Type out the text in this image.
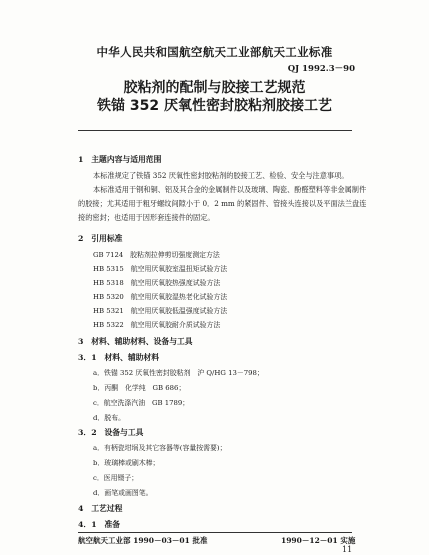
中华人民共和国航空航天工业部航天工业标准
QJ 1992.3－90
胶粘剂的配制与胶接工艺规范
铁锚 352 厌氧性密封胶粘剂胶接工艺
1　主题内容与适用范围
本标准规定了铁锚 352 厌氧性密封胶粘剂的胶接工艺、检验、安全与注意事项。
本标准适用于钢和铜、铝及其合金的金属制件以及玻璃、陶瓷、酚醛塑料等非金属制件
的胶接；尤其适用于粗牙螺纹间隙小于 0．2 mm 的紧固件、管接头连接以及平面法兰盘连
接的密封；也适用于因形套连接件的固定。
2　引用标准
GB 7124　胶粘剂拉伸剪切强度测定方法
HB 5315　航空用厌氧胶室温扭矩试验方法
HB 5318　航空用厌氧胶热强度试验方法
HB 5320　航空用厌氧胶湿热老化试验方法
HB 5321　航空用厌氧胶低温强度试验方法
HB 5322　航空用厌氧胶耐介质试验方法
3　材料、辅助材料、设备与工具
3．1　材料、辅助材料
a．铁锚 352 厌氧性密封胶粘剂　沪 Q/HG 13－798；
b．丙酮　化学纯　GB 686；
c．航空洗涤汽油　GB 1789；
d．脱布。
3．2　设备与工具
a．有柄瓷坩埚及其它容器等(容量按需要)；
b．玻璃棒或刷木棒；
c．医用镊子；
d．画笔或画图笔。
4　工艺过程
4．1　准备
航空航天工业部 1990－03－01 批准	1990－12－01 实施
11
